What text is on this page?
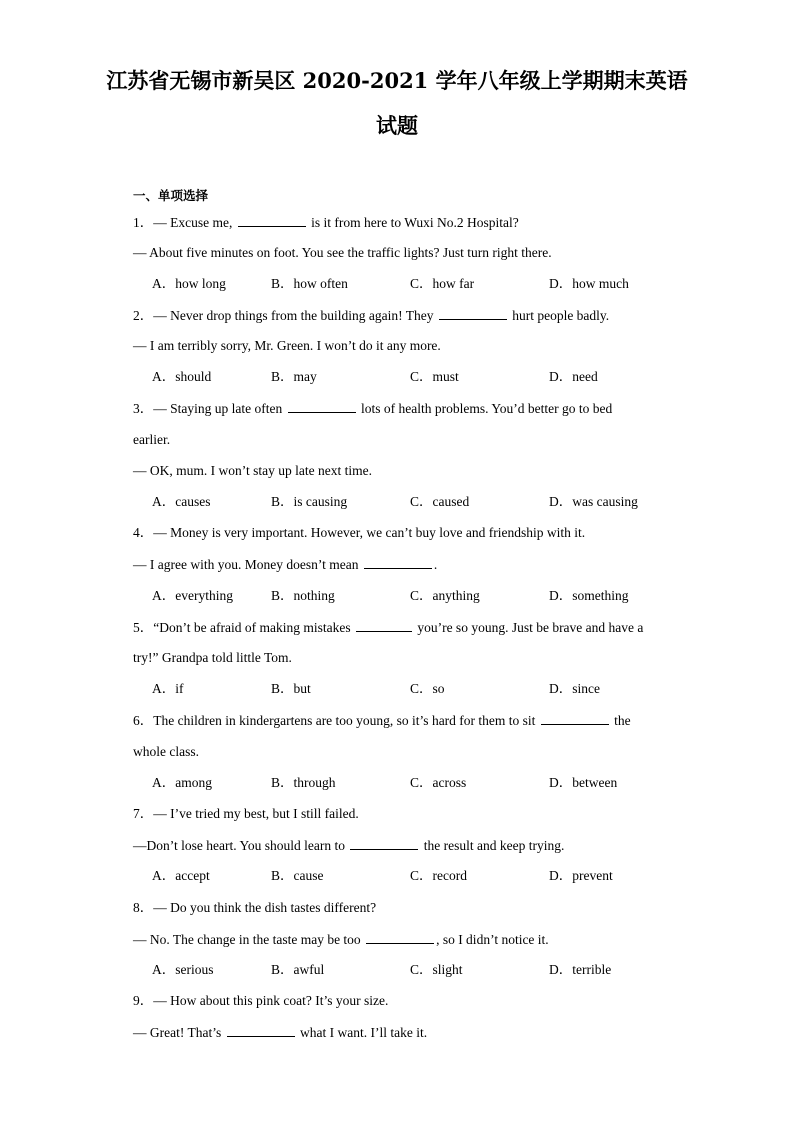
江苏省无锡市新吴区 2020-2021 学年八年级上学期期末英语
试题
一、单项选择
1．— Excuse me,	is it from here to Wuxi No.2 Hospital?
— About five minutes on foot. You see the traffic lights? Just turn right there.
A．how long	B．how often	C．how far	D．how much
2．— Never drop things from the building again! They	hurt people badly.
— I am terribly sorry, Mr. Green. I won’t do it any more.
A．should	B．may	C．must	D．need
3．— Staying up late often	lots of health problems. You’d better go to bed
earlier.
— OK, mum. I won’t stay up late next time.
A．causes	B．is causing	C．caused	D．was causing
4．— Money is very important. However, we can’t buy love and friendship with it.
— I agree with you. Money doesn’t mean	.
A．everything	B．nothing	C．anything	D．something
5．“Don’t be afraid of making mistakes	you’re so young. Just be brave and have a
try!” Grandpa told little Tom.
A．if	B．but	C．so	D．since
6．The children in kindergartens are too young, so it’s hard for them to sit	the
whole class.
A．among	B．through	C．across	D．between
7．— I’ve tried my best, but I still failed.
—Don’t lose heart. You should learn to	the result and keep trying.
A．accept	B．cause	C．record	D．prevent
8．— Do you think the dish tastes different?
— No. The change in the taste may be too	, so I didn’t notice it.
A．serious	B．awful	C．slight	D．terrible
9．— How about this pink coat? It’s your size.
— Great! That’s	what I want. I’ll take it.
